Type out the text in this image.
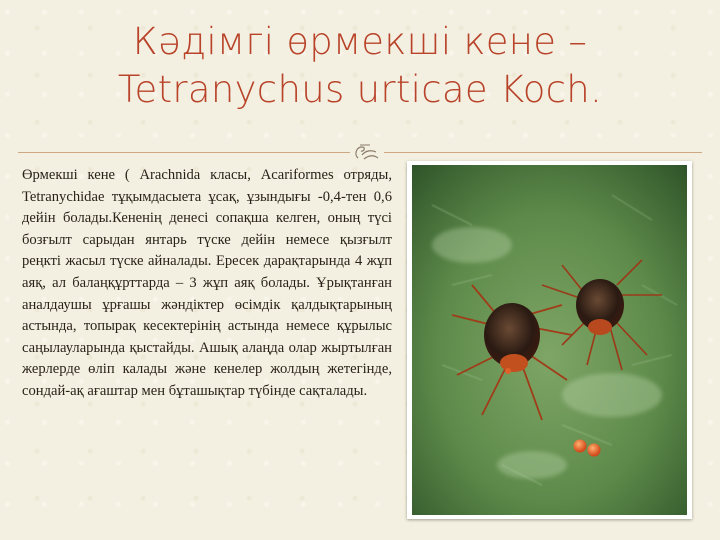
Кәдімгі өрмекші кене –
Tetranychus urticae Koch.
Өрмекші кене ( Arachnida класы, Acariformes отряды, Tetranychidae тұқымдасыета ұсақ, ұзындығы -0,4-тен 0,6 дейін болады.Кененің денесі сопақша келген, оның түсі бозғылт сарыдан янтарь түске дейін немесе қызғылт реңкті жасыл түске айналады. Ересек дарақтарында 4 жұп аяқ, ал балаңқұрттарда – 3 жұп аяқ болады. Ұрықтанған аналдаушы ұрғашы жәндіктер өсімдік қалдықтарының астында, топырақ кесектерінің астында немесе құрылыс саңылауларында қыстайды. Ашық алаңда олар жыртылған жерлерде өліп калады және кенелер жолдың жетегінде, сондай-ақ ағаштар мен бұташықтар түбінде сақталады.
